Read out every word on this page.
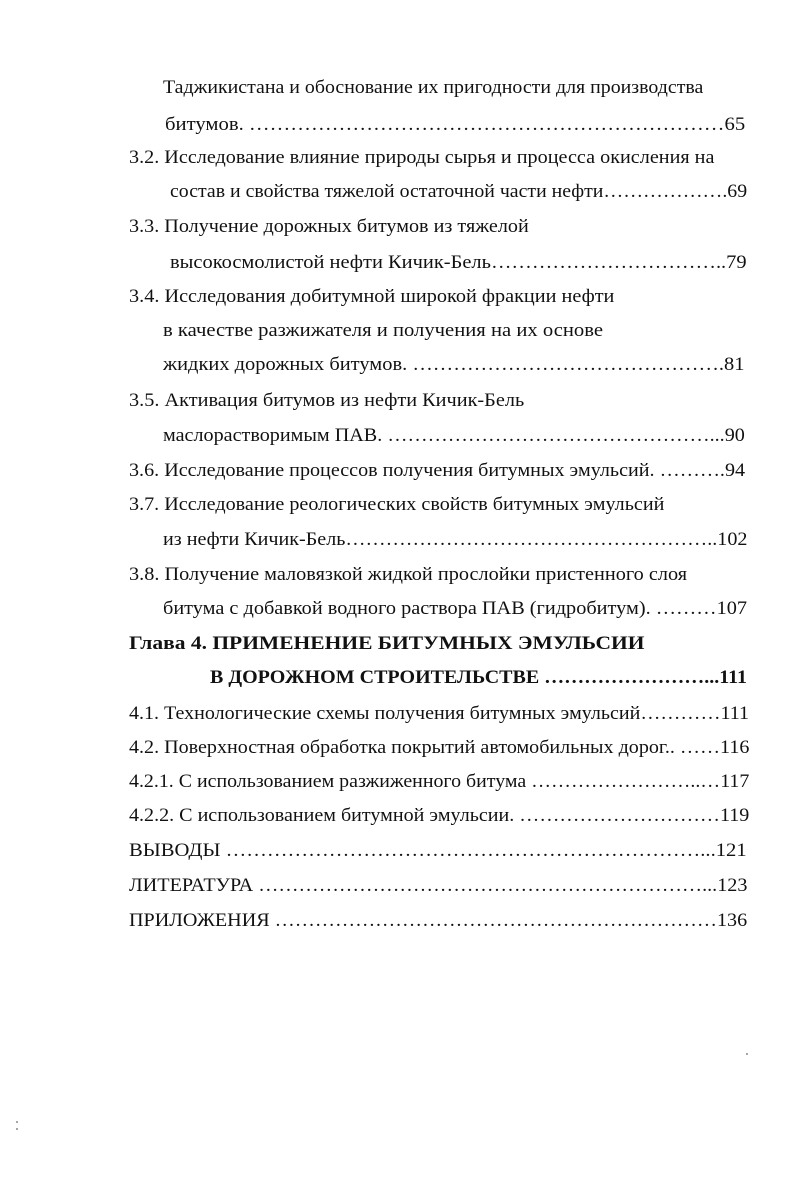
Таджикистана и обоснование их пригодности для производства
битумов. ……………………………………………………………65
3.2. Исследование влияние природы сырья и процесса окисления на
состав и свойства тяжелой остаточной части нефти……………….69
3.3. Получение дорожных битумов из тяжелой
высокосмолистой нефти Кичик-Бель……………………………..79
3.4. Исследования добитумной широкой фракции нефти
в качестве разжижателя и получения на их основе
жидких дорожных битумов. ……………………………………….81
3.5. Активация битумов из нефти Кичик-Бель
маслорастворимым ПАВ. …………………………………………...90
3.6. Исследование процессов получения битумных эмульсий. ……….94
3.7. Исследование реологических свойств битумных эмульсий
из нефти Кичик-Бель………………………………………………..102
3.8. Получение маловязкой жидкой прослойки пристенного слоя
битума с добавкой водного раствора ПАВ (гидробитум). ………107
Глава 4. ПРИМЕНЕНИЕ БИТУМНЫХ ЭМУЛЬСИИ
В ДОРОЖНОМ СТРОИТЕЛЬСТВЕ ……………………...111
4.1. Технологические схемы получения битумных эмульсий…………111
4.2. Поверхностная обработка покрытий автомобильных дорог.. ……116
4.2.1. С использованием разжиженного битума ……………………..…117
4.2.2. С использованием битумной эмульсии. …………………………119
ВЫВОДЫ ……………………………………………………………...121
ЛИТЕРАТУРА …………………………………………………………...123
ПРИЛОЖЕНИЯ …………………………………………………………136
